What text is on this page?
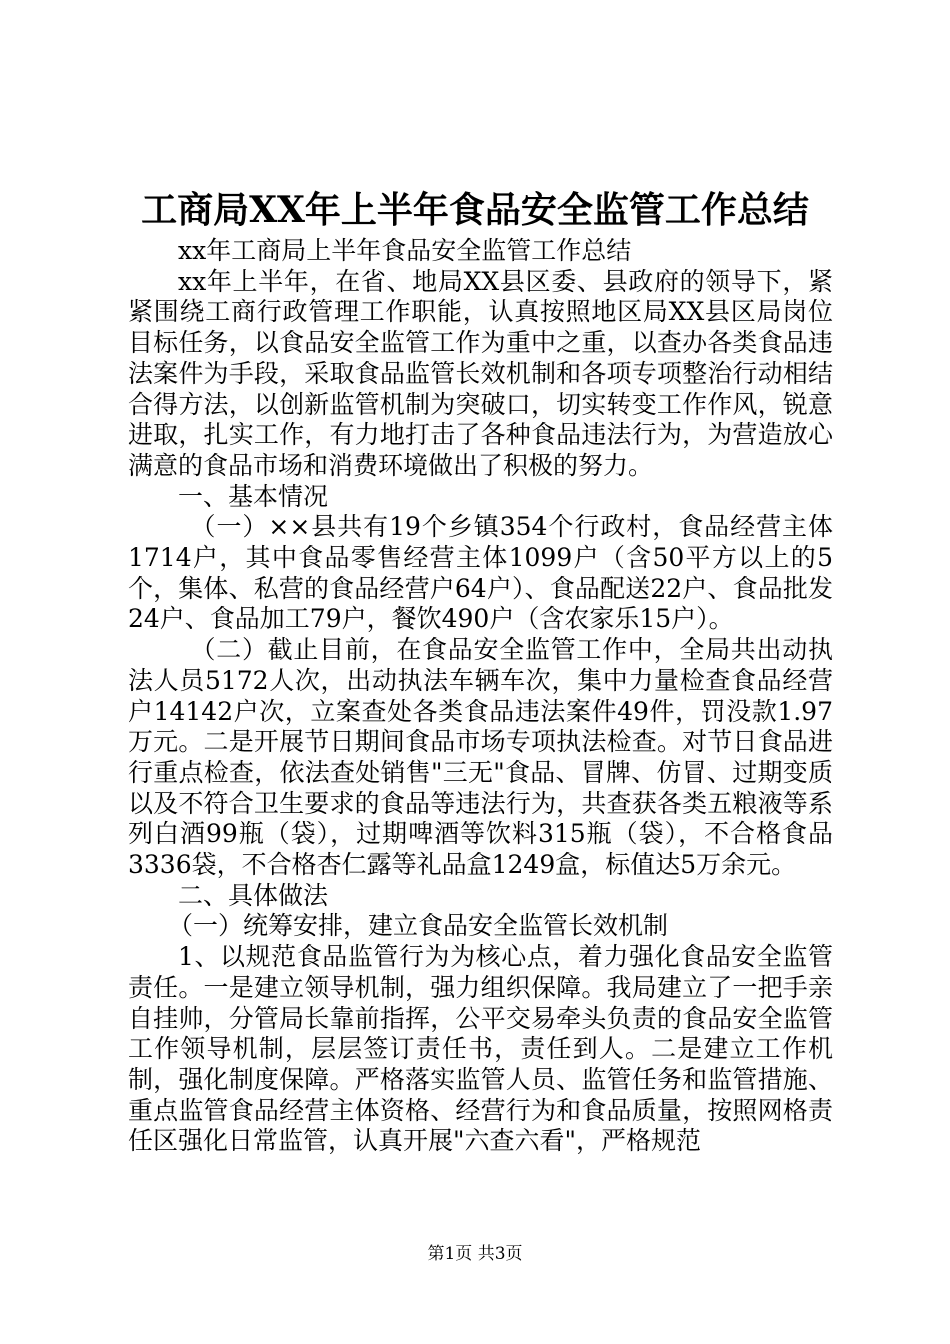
工商局XX年上半年食品安全监管工作总结

xx年工商局上半年食品安全监管工作总结

xx年上半年，在省、地局XX县区委、县政府的领导下，紧紧围绕工商行政管理工作职能，认真按照地区局XX县区局岗位目标任务，以食品安全监管工作为重中之重，以查办各类食品违法案件为手段，采取食品监管长效机制和各项专项整治行动相结合得方法，以创新监管机制为突破口，切实转变工作作风，锐意进取，扎实工作，有力地打击了各种食品违法行为，为营造放心满意的食品市场和消费环境做出了积极的努力。

一、基本情况

（一）××县共有19个乡镇354个行政村，食品经营主体1714户，其中食品零售经营主体1099户（含50平方以上的5个，集体、私营的食品经营户64户）、食品配送22户、食品批发24户、食品加工79户，餐饮490户（含农家乐15户）。

（二）截止目前，在食品安全监管工作中，全局共出动执法人员5172人次，出动执法车辆车次，集中力量检查食品经营户14142户次，立案查处各类食品违法案件49件，罚没款1.97万元。二是开展节日期间食品市场专项执法检查。对节日食品进行重点检查，依法查处销售"三无"食品、冒牌、仿冒、过期变质以及不符合卫生要求的食品等违法行为，共查获各类五粮液等系列白酒99瓶（袋），过期啤酒等饮料315瓶（袋），不合格食品3336袋，不合格杏仁露等礼品盒1249盒，标值达5万余元。

二、具体做法

（一）统筹安排，建立食品安全监管长效机制

1、以规范食品监管行为为核心点，着力强化食品安全监管责任。一是建立领导机制，强力组织保障。我局建立了一把手亲自挂帅，分管局长靠前指挥，公平交易牵头负责的食品安全监管工作领导机制，层层签订责任书，责任到人。二是建立工作机制，强化制度保障。严格落实监管人员、监管任务和监管措施、重点监管食品经营主体资格、经营行为和食品质量，按照网格责任区强化日常监管，认真开展"六查六看"，严格规范

第1页 共3页
